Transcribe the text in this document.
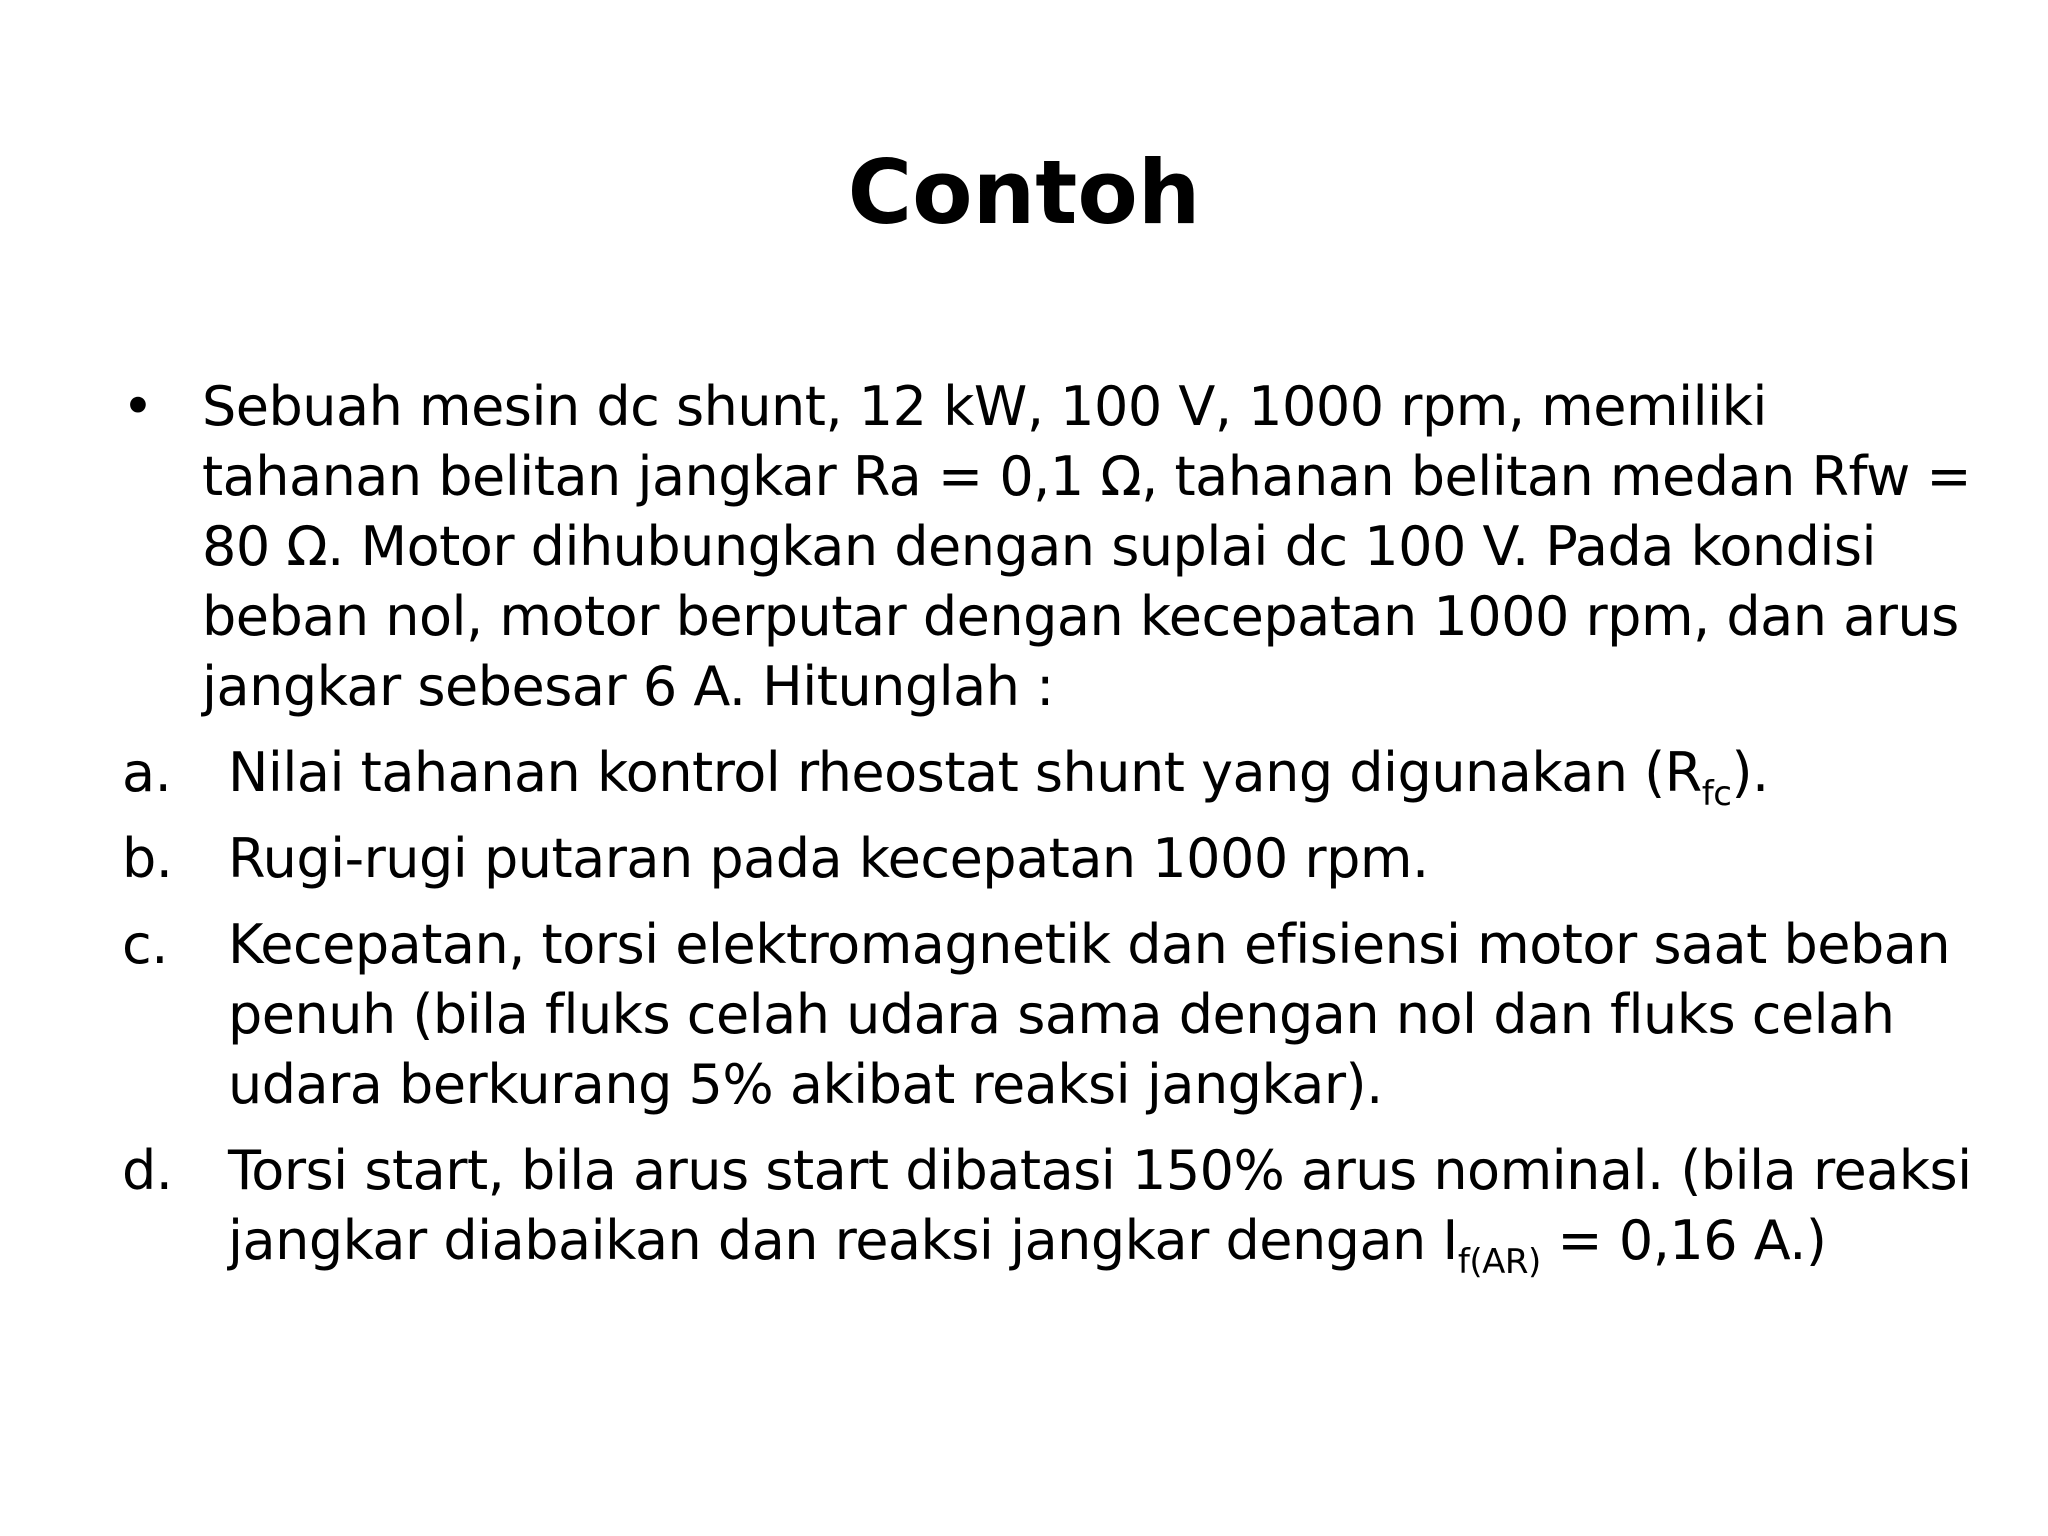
Contoh
• Sebuah mesin dc shunt, 12 kW, 100 V, 1000 rpm, memiliki tahanan belitan jangkar Ra = 0,1 Ω, tahanan belitan medan Rfw = 80 Ω. Motor dihubungkan dengan suplai dc 100 V. Pada kondisi beban nol, motor berputar dengan kecepatan 1000 rpm, dan arus jangkar sebesar 6 A. Hitunglah :
a.	Nilai tahanan kontrol rheostat shunt yang digunakan $(R_{fc})$.
b.	Rugi-rugi putaran pada kecepatan 1000 rpm.
c.	Kecepatan, torsi elektromagnetik dan efisiensi motor saat beban penuh (bila fluks celah udara sama dengan nol dan fluks celah udara berkurang 5% akibat reaksi jangkar).
d.	Torsi start, bila arus start dibatasi 150% arus nominal. (bila reaksi jangkar diabaikan dan reaksi jangkar dengan $I_{f(AR)} = 0,16$ A.)
